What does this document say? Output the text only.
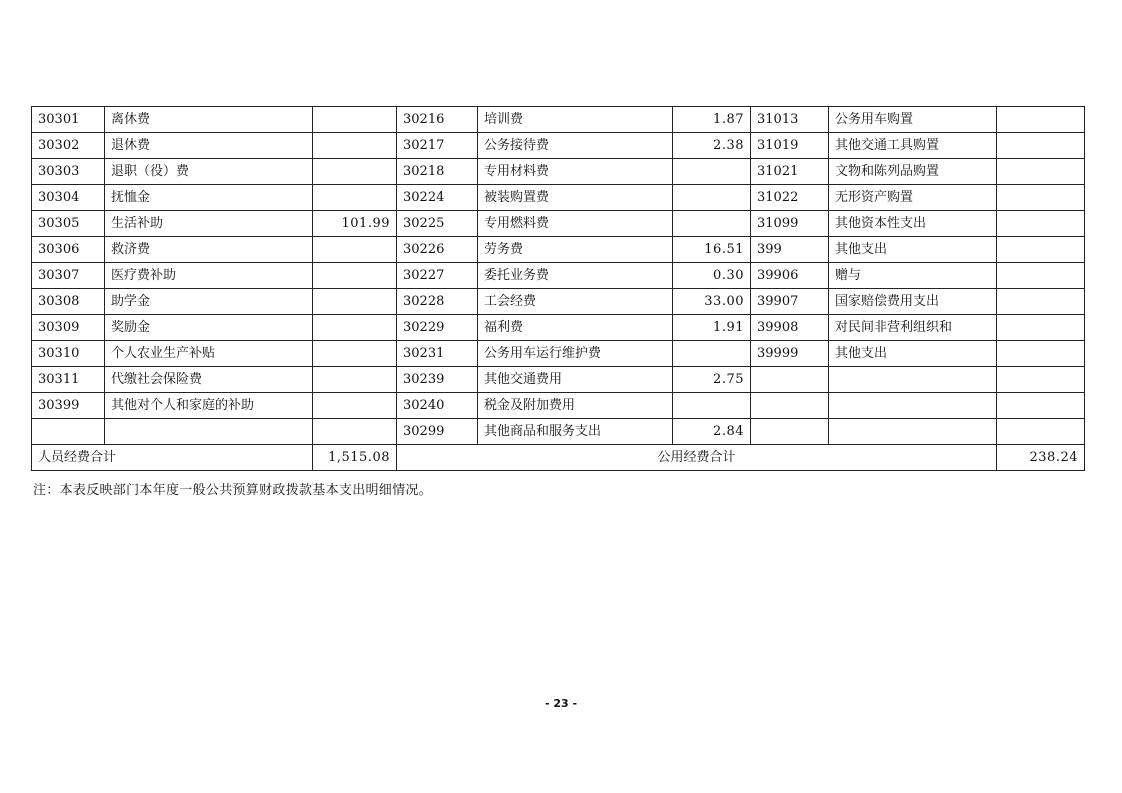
30301	离休费		30216	培训费	1.87	31013	公务用车购置	
30302	退休费		30217	公务接待费	2.38	31019	其他交通工具购置	
30303	退职（役）费		30218	专用材料费		31021	文物和陈列品购置	
30304	抚恤金		30224	被装购置费		31022	无形资产购置	
30305	生活补助	101.99	30225	专用燃料费		31099	其他资本性支出	
30306	救济费		30226	劳务费	16.51	399	其他支出	
30307	医疗费补助		30227	委托业务费	0.30	39906	赠与	
30308	助学金		30228	工会经费	33.00	39907	国家赔偿费用支出	
30309	奖励金		30229	福利费	1.91	39908	对民间非营利组织和	
30310	个人农业生产补贴		30231	公务用车运行维护费		39999	其他支出	
30311	代缴社会保险费		30239	其他交通费用	2.75			
30399	其他对个人和家庭的补助		30240	税金及附加费用				
			30299	其他商品和服务支出	2.84			
人员经费合计		1,515.08	公用经费合计					238.24
注：本表反映部门本年度一般公共预算财政拨款基本支出明细情况。
- 23 -
